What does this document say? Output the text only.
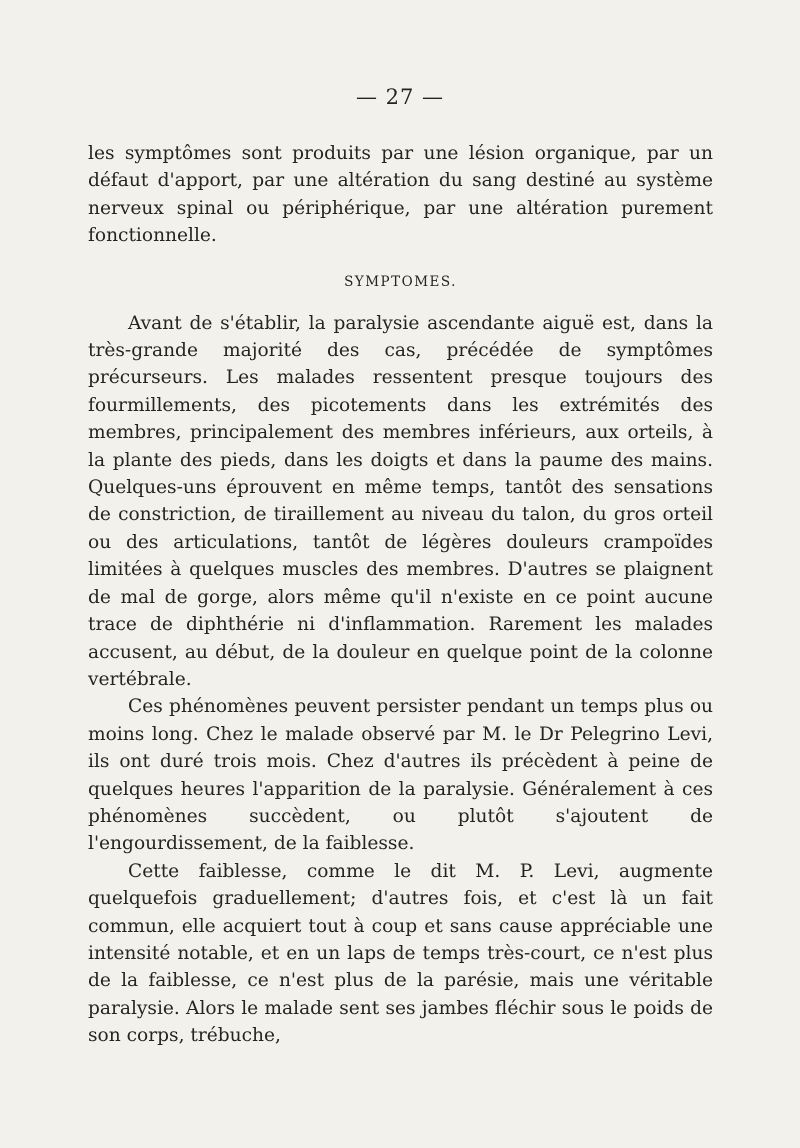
— 27 —

les symptômes sont produits par une lésion organique, par un défaut d'apport, par une altération du sang destiné au système nerveux spinal ou périphérique, par une altération purement fonctionnelle.

SYMPTOMES.

Avant de s'établir, la paralysie ascendante aiguë est, dans la très-grande majorité des cas, précédée de symptômes précurseurs. Les malades ressentent presque toujours des fourmillements, des picotements dans les extrémités des membres, principalement des membres inférieurs, aux orteils, à la plante des pieds, dans les doigts et dans la paume des mains. Quelques-uns éprouvent en même temps, tantôt des sensations de constriction, de tiraillement au niveau du talon, du gros orteil ou des articulations, tantôt de légères douleurs crampoïdes limitées à quelques muscles des membres. D'autres se plaignent de mal de gorge, alors même qu'il n'existe en ce point aucune trace de diphthérie ni d'inflammation. Rarement les malades accusent, au début, de la douleur en quelque point de la colonne vertébrale.

Ces phénomènes peuvent persister pendant un temps plus ou moins long. Chez le malade observé par M. le Dr Pelegrino Levi, ils ont duré trois mois. Chez d'autres ils précèdent à peine de quelques heures l'apparition de la paralysie. Généralement à ces phénomènes succèdent, ou plutôt s'ajoutent de l'engourdissement, de la faiblesse.

Cette faiblesse, comme le dit M. P. Levi, augmente quelquefois graduellement; d'autres fois, et c'est là un fait commun, elle acquiert tout à coup et sans cause appréciable une intensité notable, et en un laps de temps très-court, ce n'est plus de la faiblesse, ce n'est plus de la parésie, mais une véritable paralysie. Alors le malade sent ses jambes fléchir sous le poids de son corps, trébuche,
